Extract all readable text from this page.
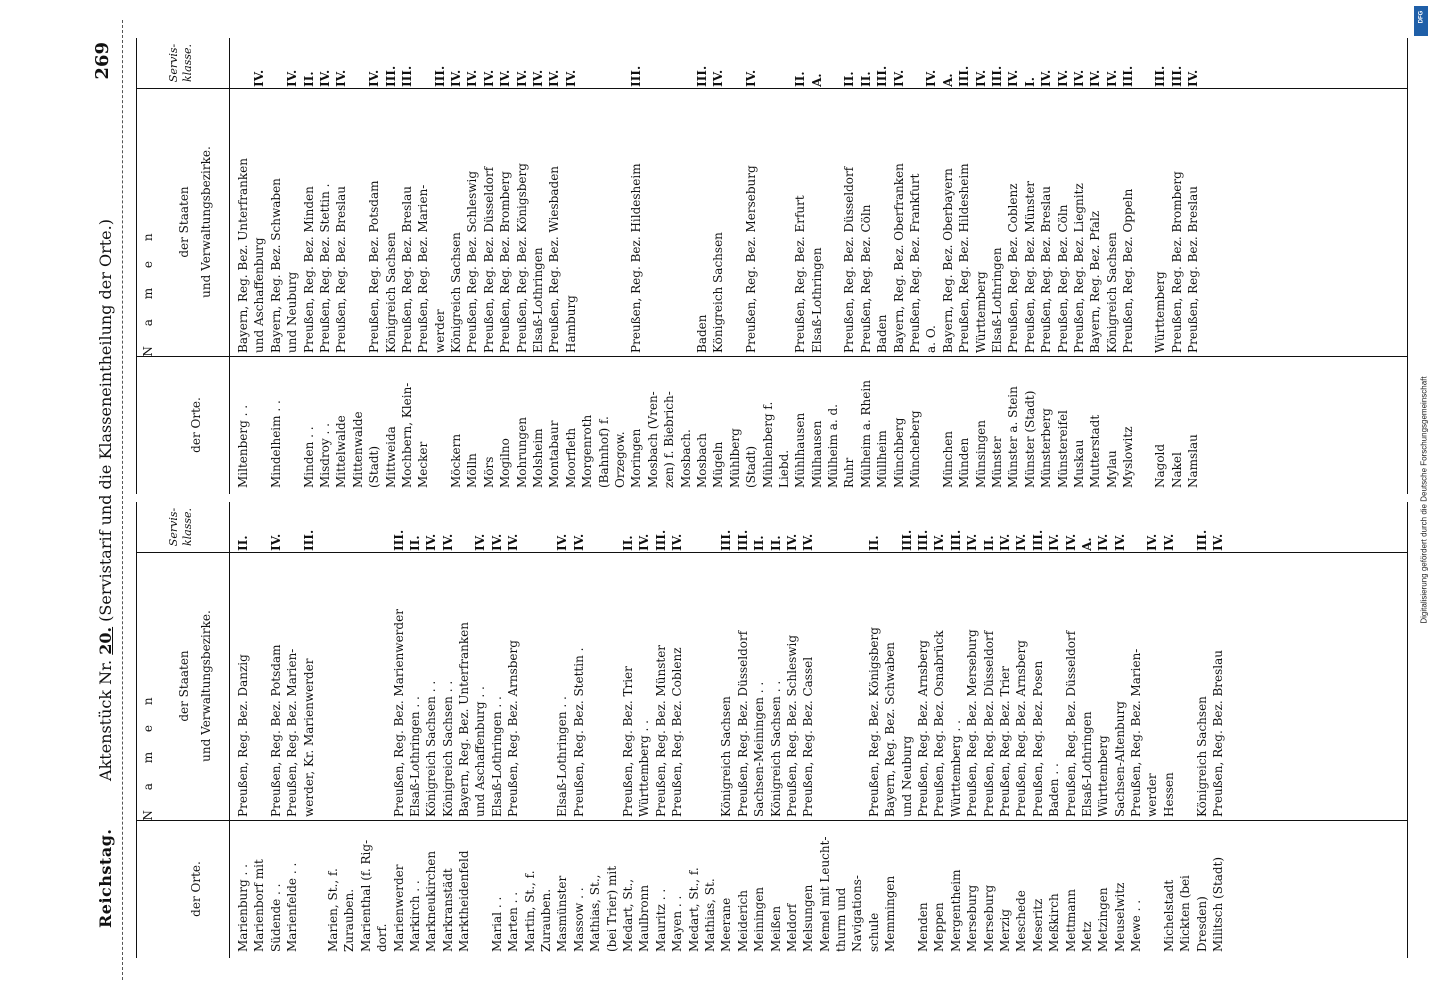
Reichstag.
Aktenstück Nr. 20. (Servistarif und die Klasseneintheilung der Orte.)
269
N a m e n
der Orte.
der Staaten und Verwaltungsbezirke.
Servis- klasse.
Marienburg . .
Preußen, Reg. Bez. Danzig
II.
Marienborf mit Südende . .
Preußen, Reg. Bez. Potsdam
IV.
Marienfelde . .
Preußen, Reg. Bez. Marien- werder, Kr. Marienwerder
III.
Marien, St., f. Zurauben. Marienthal (f. Rig- dorf. Marienwerder
Preußen, Reg. Bez. Marienwerder
III.
Markirch . .
Elsaß-Lothringen . .
II.
Markneukirchen
Königreich Sachsen . .
IV.
Markranstädt
Königreich Sachsen . .
IV.
Marktheidenfeld
Bayern, Reg. Bez. Unterfranken und Aschaffenburg . .
IV.
Marial . .
Elsaß-Lothringen . .
IV.
Marten . .
Preußen, Reg. Bez. Arnsberg
IV.
Martin, St., f. Zurauben. Masmünster
Elsaß-Lothringen . .
IV.
Massow . .
Preußen, Reg. Bez. Stettin .
IV.
Mathias, St., (bei Trier) mit Medart, St.,
Preußen, Reg. Bez. Trier
II.
Maulbronn
Württemberg . .
IV.
Mauritz . .
Preußen, Reg. Bez. Münster
III.
Mayen . .
Preußen, Reg. Bez. Coblenz
IV.
Medart, St., f. Mathias, St. Meerane
Königreich Sachsen
III.
Meiderich
Preußen, Reg. Bez. Düsseldorf
III.
Meiningen
Sachsen-Meiningen . .
II.
Meißen
Königreich Sachsen . .
II.
Meldorf
Preußen, Reg. Bez. Schleswig
IV.
Melsungen
Preußen, Reg. Bez. Cassel
IV.
Memel mit Leucht- thurm und Navigations- schule
Preußen, Reg. Bez. Königsberg
II.
Memmingen
Bayern, Reg. Bez. Schwaben und Neuburg
III.
Menden
Preußen, Reg. Bez. Arnsberg
III.
Meppen
Preußen, Reg. Bez. Osnabrück
IV.
Mergentheim
Württemberg . .
III.
Merseburg
Preußen, Reg. Bez. Merseburg
IV.
Merseburg
Preußen, Reg. Bez. Düsseldorf
II.
Merzig
Preußen, Reg. Bez. Trier
IV.
Meschede
Preußen, Reg. Bez. Arnsberg
IV.
Meseritz
Preußen, Reg. Bez. Posen
III.
Meßkirch
Baden . .
IV.
Mettmann
Preußen, Reg. Bez. Düsseldorf
IV.
Metz
Elsaß-Lothringen
A.
Metzingen
Württemberg
IV.
Meuselwitz
Sachsen-Altenburg
IV.
Mewe . .
Preußen, Reg. Bez. Marien- werder
IV.
Michelstadt
Hessen
IV.
Mickten (bei Dresden)
Königreich Sachsen
III.
Militsch (Stadt)
Preußen, Reg. Bez. Breslau
IV.
N a m e n
der Orte.
der Staaten und Verwaltungsbezirke.
Servis- klasse.
Miltenberg . .
Bayern, Reg. Bez. Unterfranken und Aschaffenburg
IV.
Mindelheim . .
Bayern, Reg. Bez. Schwaben und Neuburg
IV.
Minden . .
Preußen, Reg. Bez. Minden
II.
Misdroy . .
Preußen, Reg. Bez. Stettin .
IV.
Mittelwalde
Preußen, Reg. Bez. Breslau
IV.
Mittenwalde (Stadt)
Preußen, Reg. Bez. Potsdam
IV.
Mittweida
Königreich Sachsen
III.
Mochbern, Klein-
Preußen, Reg. Bez. Breslau
III.
Mecker
Preußen, Reg. Bez. Marien- werder
III.
Möckern
Königreich Sachsen
IV.
Mölln
Preußen, Reg. Bez. Schleswig
IV.
Mörs
Preußen, Reg. Bez. Düsseldorf
IV.
Mogilno
Preußen, Reg. Bez. Bromberg
IV.
Mohrungen
Preußen, Reg. Bez. Königsberg
IV.
Molsheim
Elsaß-Lothringen
IV.
Montabaur
Preußen, Reg. Bez. Wiesbaden
IV.
Moorfleth
Hamburg
IV.
Morgenroth (Bahnhof) f. Orzegow. Moringen
Preußen, Reg. Bez. Hildesheim
III.
Mosbach (Vren- zen) f. Biebrich- Mosbach. Mosbach
Baden
III.
Mügeln
Königreich Sachsen
IV.
Mühlberg (Stadt)
Preußen, Reg. Bez. Merseburg
IV.
Mühlenberg f. Liebd. Mühlhausen
Preußen, Reg. Bez. Erfurt
II.
Mülhausen
Elsaß-Lothringen
A.
Mülheim a. d. Ruhr
Preußen, Reg. Bez. Düsseldorf
II.
Mülheim a. Rhein
Preußen, Reg. Bez. Cöln
II.
Müllheim
Baden
III.
Münchberg
Bayern, Reg. Bez. Oberfranken
IV.
Müncheberg
Preußen, Reg. Bez. Frankfurt a. O.
IV.
München
Bayern, Reg. Bez. Oberbayern
A.
Münden
Preußen, Reg. Bez. Hildesheim
III.
Münsingen
Württemberg
IV.
Münster
Elsaß-Lothringen
III.
Münster a. Stein
Preußen, Reg. Bez. Coblenz
IV.
Münster (Stadt)
Preußen, Reg. Bez. Münster
I.
Münsterberg
Preußen, Reg. Bez. Breslau
IV.
Münstereifel
Preußen, Reg. Bez. Cöln
IV.
Muskau
Preußen, Reg. Bez. Liegnitz
IV.
Mutterstadt
Bayern, Reg. Bez. Pfalz
IV.
Mylau
Königreich Sachsen
IV.
Myslowitz
Preußen, Reg. Bez. Oppeln
III.
Nagold
Württemberg
III.
Nakel
Preußen, Reg. Bez. Bromberg
III.
Namslau
Preußen, Reg. Bez. Breslau
IV.
Digitalisierung gefördert durch die Deutsche Forschungsgemeinschaft
DFG
